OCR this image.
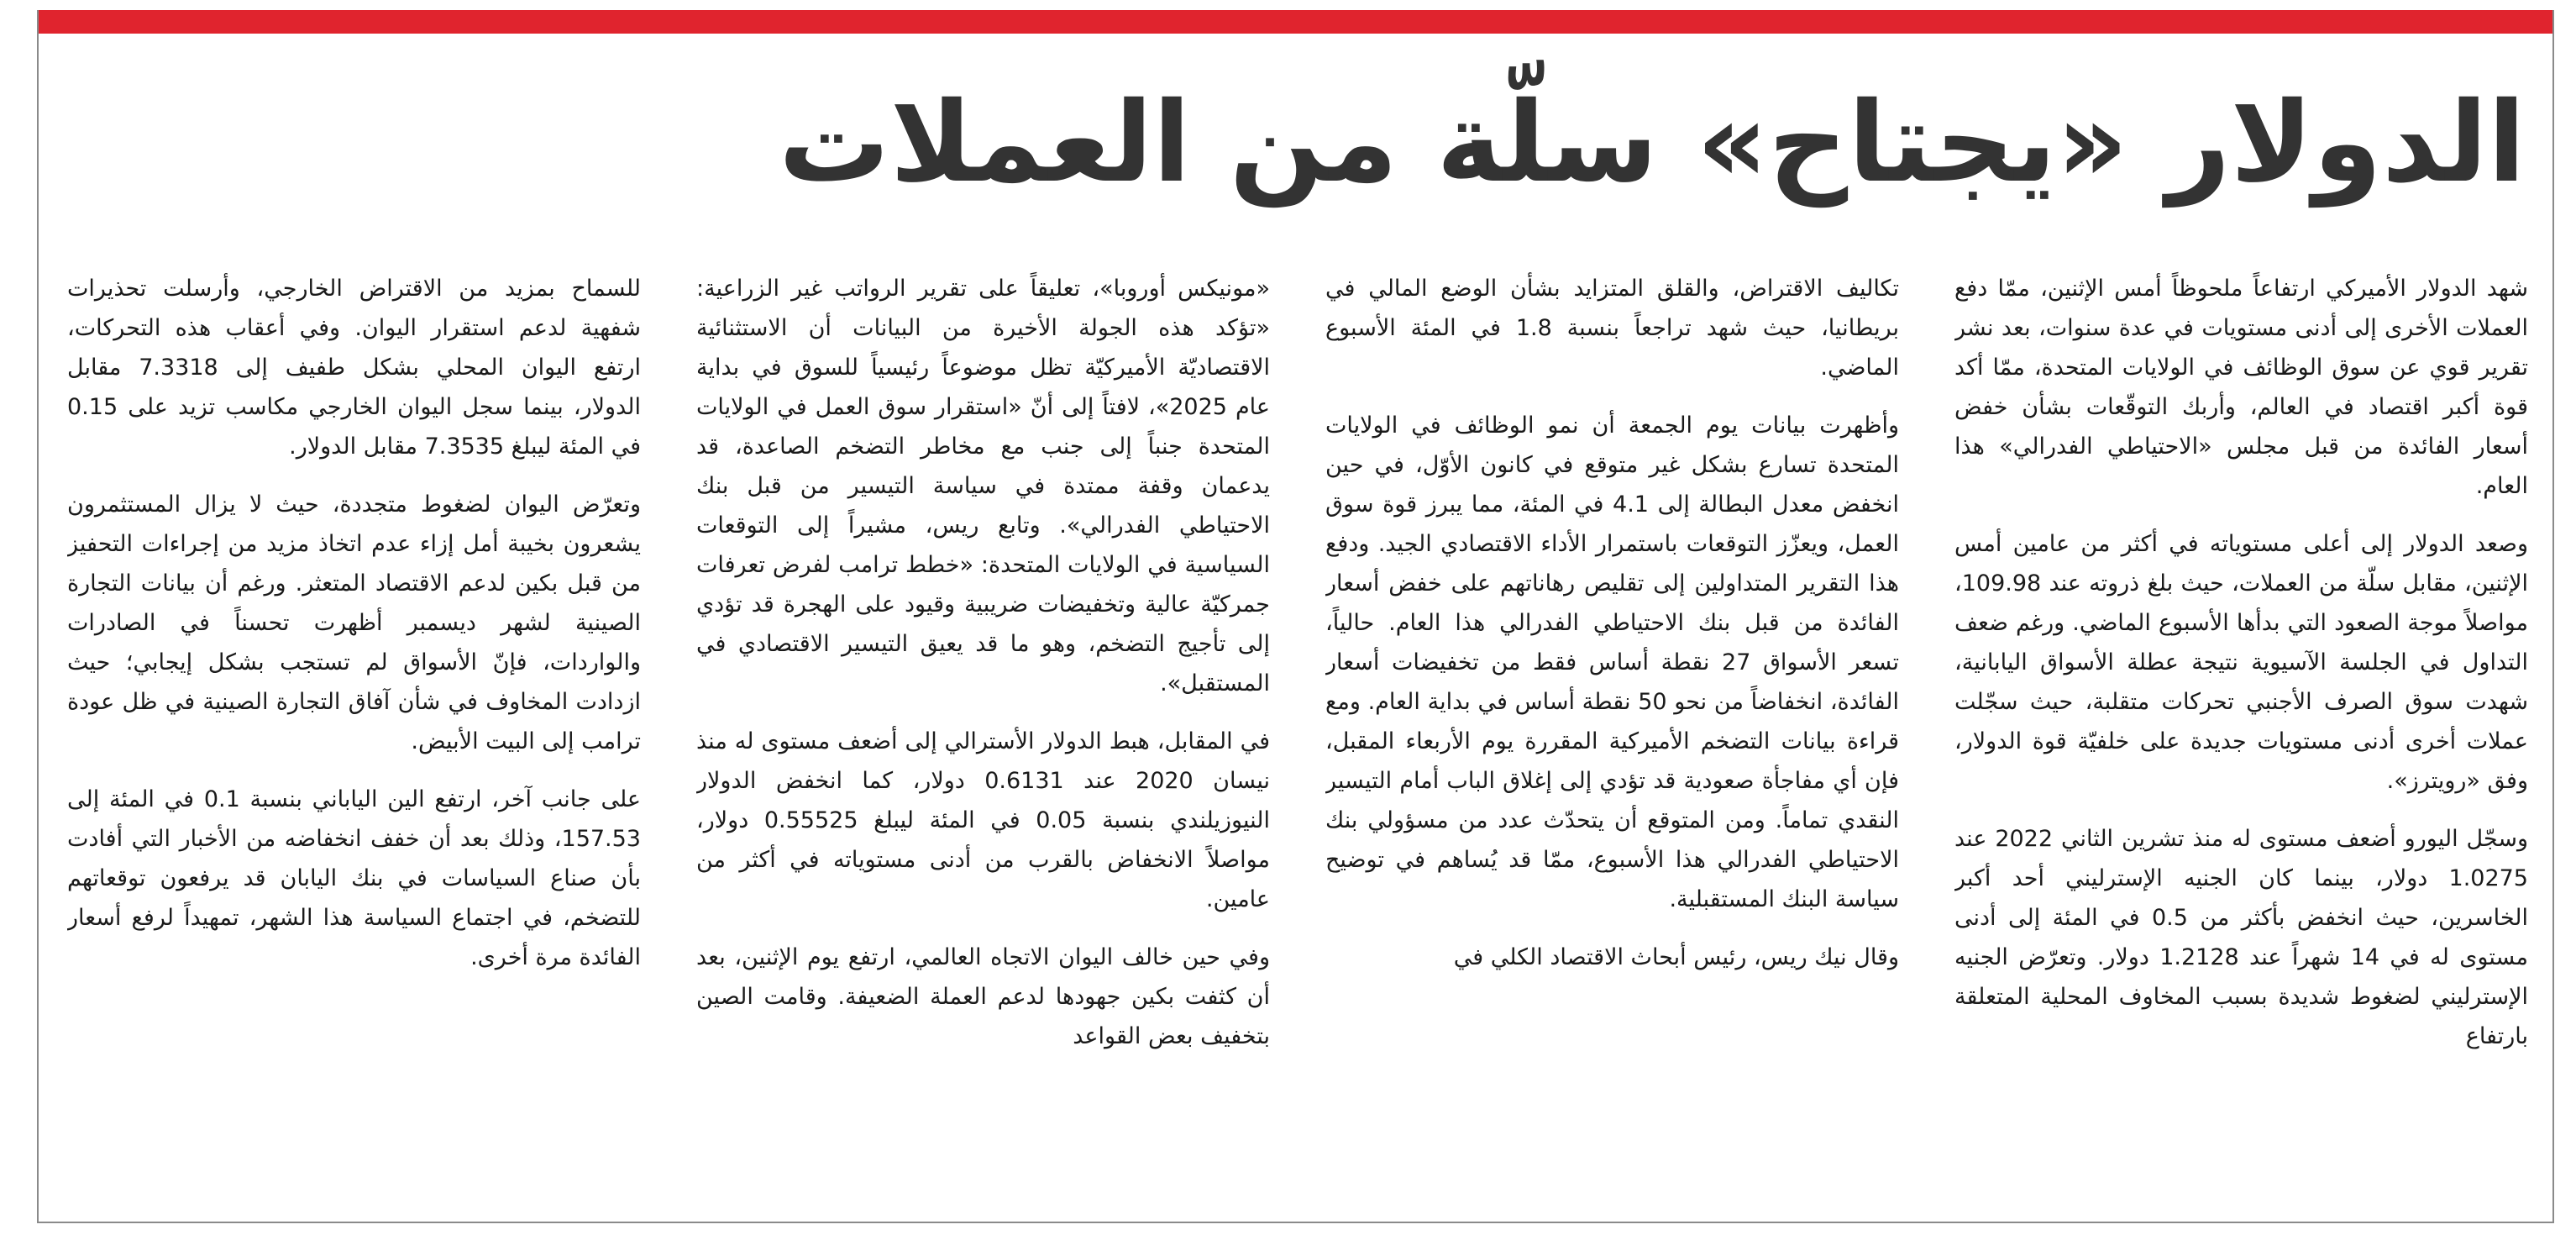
الدولار «يجتاح» سلّة من العملات

شهد الدولار الأميركي ارتفاعاً ملحوظاً أمس الإثنين، ممّا دفع العملات الأخرى إلى أدنى مستويات في عدة سنوات، بعد نشر تقرير قوي عن سوق الوظائف في الولايات المتحدة، ممّا أكد قوة أكبر اقتصاد في العالم، وأربك التوقّعات بشأن خفض أسعار الفائدة من قبل مجلس «الاحتياطي الفدرالي» هذا العام.

وصعد الدولار إلى أعلى مستوياته في أكثر من عامين أمس الإثنين، مقابل سلّة من العملات، حيث بلغ ذروته عند 109.98، مواصلاً موجة الصعود التي بدأها الأسبوع الماضي. ورغم ضعف التداول في الجلسة الآسيوية نتيجة عطلة الأسواق اليابانية، شهدت سوق الصرف الأجنبي تحركات متقلبة، حيث سجّلت عملات أخرى أدنى مستويات جديدة على خلفيّة قوة الدولار، وفق «رويترز».

وسجّل اليورو أضعف مستوى له منذ تشرين الثاني 2022 عند 1.0275 دولار، بينما كان الجنيه الإسترليني أحد أكبر الخاسرين، حيث انخفض بأكثر من 0.5 في المئة إلى أدنى مستوى له في 14 شهراً عند 1.2128 دولار. وتعرّض الجنيه الإسترليني لضغوط شديدة بسبب المخاوف المحلية المتعلقة بارتفاع

تكاليف الاقتراض، والقلق المتزايد بشأن الوضع المالي في بريطانيا، حيث شهد تراجعاً بنسبة 1.8 في المئة الأسبوع الماضي.

وأظهرت بيانات يوم الجمعة أن نمو الوظائف في الولايات المتحدة تسارع بشكل غير متوقع في كانون الأوّل، في حين انخفض معدل البطالة إلى 4.1 في المئة، مما يبرز قوة سوق العمل، ويعزّز التوقعات باستمرار الأداء الاقتصادي الجيد. ودفع هذا التقرير المتداولين إلى تقليص رهاناتهم على خفض أسعار الفائدة من قبل بنك الاحتياطي الفدرالي هذا العام. حالياً، تسعر الأسواق 27 نقطة أساس فقط من تخفيضات أسعار الفائدة، انخفاضاً من نحو 50 نقطة أساس في بداية العام. ومع قراءة بيانات التضخم الأميركية المقررة يوم الأربعاء المقبل، فإن أي مفاجأة صعودية قد تؤدي إلى إغلاق الباب أمام التيسير النقدي تماماً. ومن المتوقع أن يتحدّث عدد من مسؤولي بنك الاحتياطي الفدرالي هذا الأسبوع، ممّا قد يُساهم في توضيح سياسة البنك المستقبلية.

وقال نيك ريس، رئيس أبحاث الاقتصاد الكلي في

«مونيكس أوروبا»، تعليقاً على تقرير الرواتب غير الزراعية: «تؤكد هذه الجولة الأخيرة من البيانات أن الاستثنائية الاقتصاديّة الأميركيّة تظل موضوعاً رئيسياً للسوق في بداية عام 2025»، لافتاً إلى أنّ «استقرار سوق العمل في الولايات المتحدة جنباً إلى جنب مع مخاطر التضخم الصاعدة، قد يدعمان وقفة ممتدة في سياسة التيسير من قبل بنك الاحتياطي الفدرالي». وتابع ريس، مشيراً إلى التوقعات السياسية في الولايات المتحدة: «خطط ترامب لفرض تعرفات جمركيّة عالية وتخفيضات ضريبية وقيود على الهجرة قد تؤدي إلى تأجيج التضخم، وهو ما قد يعيق التيسير الاقتصادي في المستقبل».

في المقابل، هبط الدولار الأسترالي إلى أضعف مستوى له منذ نيسان 2020 عند 0.6131 دولار، كما انخفض الدولار النيوزيلندي بنسبة 0.05 في المئة ليبلغ 0.55525 دولار، مواصلاً الانخفاض بالقرب من أدنى مستوياته في أكثر من عامين.

وفي حين خالف اليوان الاتجاه العالمي، ارتفع يوم الإثنين، بعد أن كثفت بكين جهودها لدعم العملة الضعيفة. وقامت الصين بتخفيف بعض القواعد

للسماح بمزيد من الاقتراض الخارجي، وأرسلت تحذيرات شفهية لدعم استقرار اليوان. وفي أعقاب هذه التحركات، ارتفع اليوان المحلي بشكل طفيف إلى 7.3318 مقابل الدولار، بينما سجل اليوان الخارجي مكاسب تزيد على 0.15 في المئة ليبلغ 7.3535 مقابل الدولار.

وتعرّض اليوان لضغوط متجددة، حيث لا يزال المستثمرون يشعرون بخيبة أمل إزاء عدم اتخاذ مزيد من إجراءات التحفيز من قبل بكين لدعم الاقتصاد المتعثر. ورغم أن بيانات التجارة الصينية لشهر ديسمبر أظهرت تحسناً في الصادرات والواردات، فإنّ الأسواق لم تستجب بشكل إيجابي؛ حيث ازدادت المخاوف في شأن آفاق التجارة الصينية في ظل عودة ترامب إلى البيت الأبيض.

على جانب آخر، ارتفع الين الياباني بنسبة 0.1 في المئة إلى 157.53، وذلك بعد أن خفف انخفاضه من الأخبار التي أفادت بأن صناع السياسات في بنك اليابان قد يرفعون توقعاتهم للتضخم، في اجتماع السياسة هذا الشهر، تمهيداً لرفع أسعار الفائدة مرة أخرى.
